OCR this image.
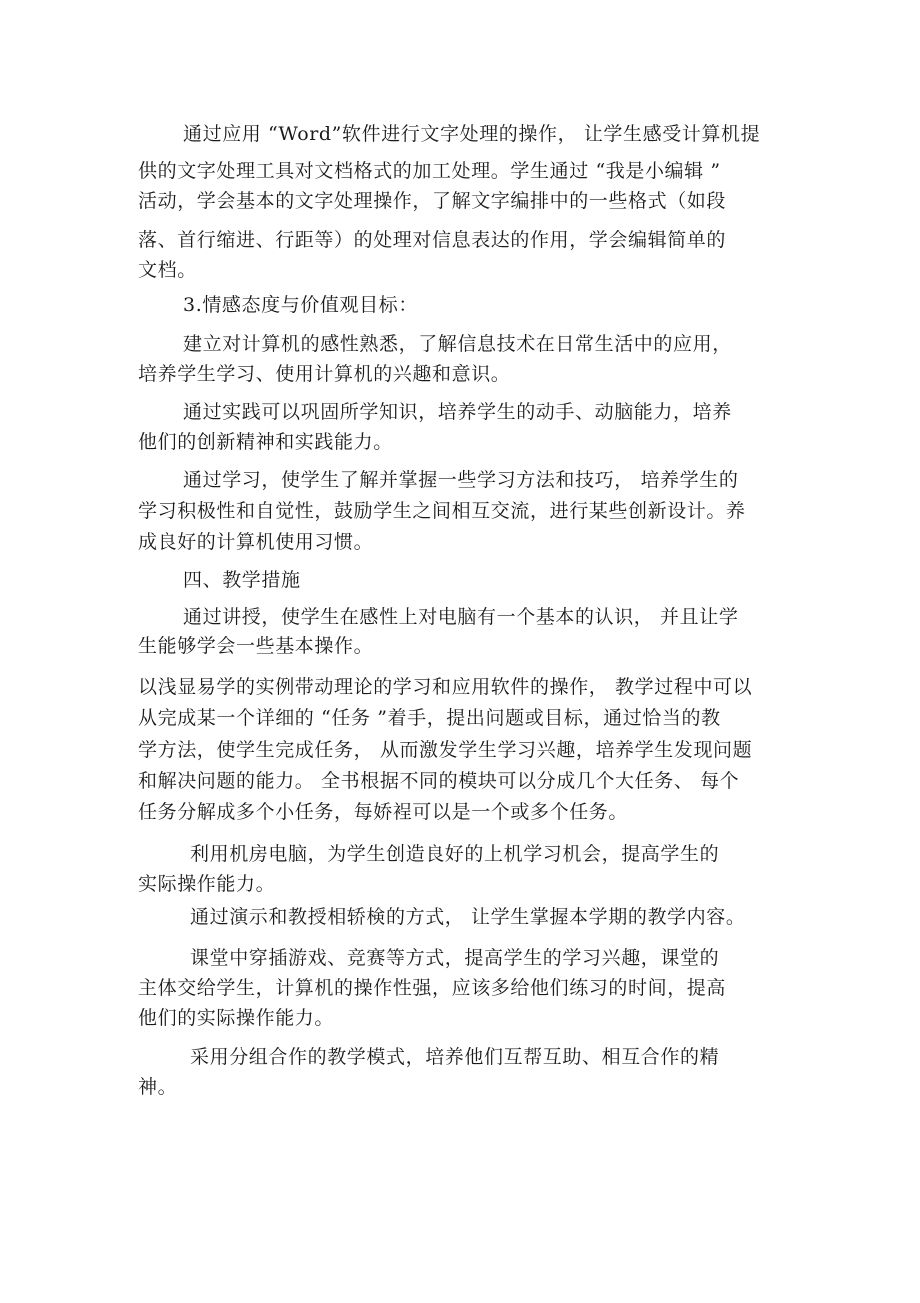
通过应用 “Word”软件进行文字处理的操作， 让学生感受计算机提
供的文字处理工具对文档格式的加工处理。学生通过 “我是小编辑 ”
活动，学会基本的文字处理操作，了解文字编排中的一些格式（如段
落、首行缩进、行距等）的处理对信息表达的作用，学会编辑简单的
文档。
3.情感态度与价值观目标：
建立对计算机的感性熟悉，了解信息技术在日常生活中的应用，
培养学生学习、使用计算机的兴趣和意识。
通过实践可以巩固所学知识，培养学生的动手、动脑能力，培养
他们的创新精神和实践能力。
通过学习，使学生了解并掌握一些学习方法和技巧， 培养学生的
学习积极性和自觉性，鼓励学生之间相互交流，进行某些创新设计。养
成良好的计算机使用习惯。
四、教学措施
通过讲授，使学生在感性上对电脑有一个基本的认识， 并且让学
生能够学会一些基本操作。
以浅显易学的实例带动理论的学习和应用软件的操作， 教学过程中可以
从完成某一个详细的 “任务 ”着手，提出问题或目标，通过恰当的教
学方法，使学生完成任务， 从而激发学生学习兴趣，培养学生发现问题
和解决问题的能力。 全书根据不同的模块可以分成几个大任务、 每个
任务分解成多个小任务，每娇裎可以是一个或多个任务。
利用机房电脑，为学生创造良好的上机学习机会，提高学生的
实际操作能力。
通过演示和教授相轿検的方式， 让学生掌握本学期的教学内容。
课堂中穿插游戏、竞赛等方式，提高学生的学习兴趣，课堂的
主体交给学生，计算机的操作性强，应该多给他们练习的时间，提高
他们的实际操作能力。
采用分组合作的教学模式，培养他们互帮互助、相互合作的精
神。
